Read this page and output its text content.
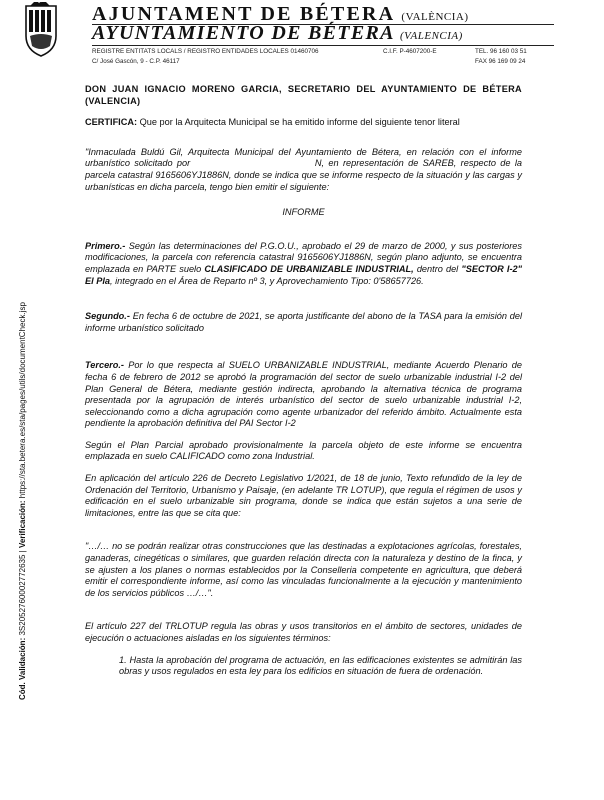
AJUNTAMENT DE BÉTERA (VALÈNCIA)
AYUNTAMIENTO DE BÉTERA (VALENCIA)
REGISTRE ENTITATS LOCALS / REGISTRO ENTIDADES LOCALES 01460706	C.I.F. P-4607200-E	TEL. 96 160 03 51
C/ José Gascón, 9 - C.P. 46117	FAX 96 169 09 24
Cód. Validación: 3S2052760002772635 | Verificación: https://sta.betera.es/sta/pages/utils/documentCheck.jsp

DON JUAN IGNACIO MORENO GARCIA, SECRETARIO DEL AYUNTAMIENTO DE BÉTERA (VALENCIA)

CERTIFICA: Que por la Arquitecta Municipal se ha emitido informe del siguiente tenor literal

"Inmaculada Buldú Gil, Arquitecta Municipal del Ayuntamiento de Bétera, en relación con el informe urbanístico solicitado por	N, en representación de SAREB, respecto de la parcela catastral 9165606YJ1886N, donde se indica que se informe respecto de la situación y las cargas y urbanísticas en dicha parcela, tengo bien emitir el siguiente:

INFORME

Primero.- Según las determinaciones del P.G.O.U., aprobado el 29 de marzo de 2000, y sus posteriores modificaciones, la parcela con referencia catastral 9165606YJ1886N, según plano adjunto, se encuentra emplazada en PARTE suelo CLASIFICADO DE URBANIZABLE INDUSTRIAL, dentro del "SECTOR I-2" El Pla, integrado en el Área de Reparto nº 3, y Aprovechamiento Tipo: 0'58657726.

Segundo.- En fecha 6 de octubre de 2021, se aporta justificante del abono de la TASA para la emisión del informe urbanístico solicitado

Tercero.- Por lo que respecta al SUELO URBANIZABLE INDUSTRIAL, mediante Acuerdo Plenario de fecha 6 de febrero de 2012 se aprobó la programación del sector de suelo urbanizable industrial I-2 del Plan General de Bétera, mediante gestión indirecta, aprobando la alternativa técnica de programa presentada por la agrupación de interés urbanístico del sector de suelo urbanizable industrial I-2, seleccionando como a dicha agrupación como agente urbanizador del referido ámbito. Actualmente esta pendiente la aprobación definitiva del PAI Sector I-2

Según el Plan Parcial aprobado provisionalmente la parcela objeto de este informe se encuentra emplazada en suelo CALIFICADO como zona Industrial.

En aplicación del artículo 226 de Decreto Legislativo 1/2021, de 18 de junio, Texto refundido de la ley de Ordenación del Territorio, Urbanismo y Paisaje, (en adelante TR LOTUP), que regula el régimen de usos y edificación en el suelo urbanizable sin programa, donde se indica que están sujetos a una serie de limitaciones, entre las que se cita que:

"…/… no se podrán realizar otras construcciones que las destinadas a explotaciones agrícolas, forestales, ganaderas, cinegéticas o similares, que guarden relación directa con la naturaleza y destino de la finca, y se ajusten a los planes o normas establecidos por la Conselleria competente en agricultura, que deberá emitir el correspondiente informe, así como las vinculadas funcionalmente a la ejecución y mantenimiento de los servicios públicos …/…".

El artículo 227 del TRLOTUP regula las obras y usos transitorios en el ámbito de sectores, unidades de ejecución o actuaciones aisladas en los siguientes términos:

1. Hasta la aprobación del programa de actuación, en las edificaciones existentes se admitirán las obras y usos regulados en esta ley para los edificios en situación de fuera de ordenación.
